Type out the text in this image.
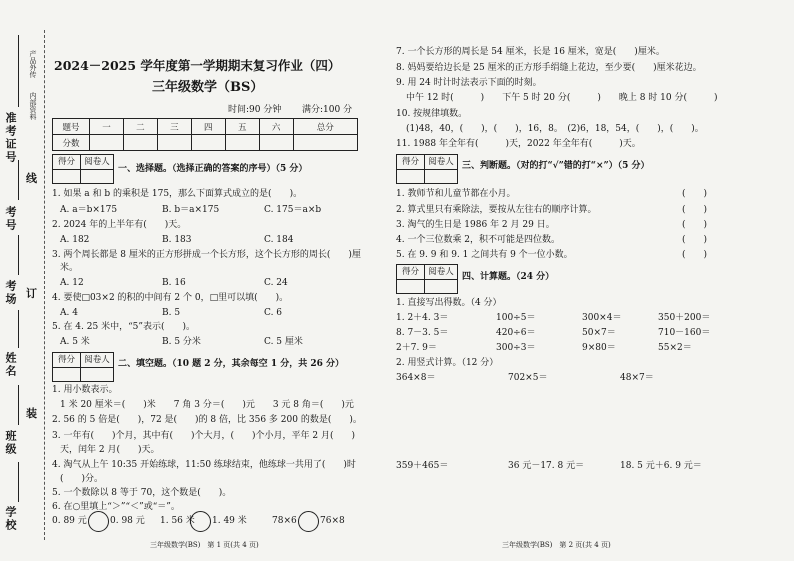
产品外传
内部资料
准考证号
线
考号
考场 订
姓名
装
班级
学校
2024－2025 学年度第一学期期末复习作业（四）
三年级数学（BS）
时间:90 分钟 满分:100 分
题号	一	二	三	四	五	六	总分
分数							
得分	阅卷人
一、选择题。（选择正确的答案的序号）（5 分）
1. 如果 a 和 b 的乘积是 175，那么下面算式成立的是(　　)。
A. a＝b×175	B. b＝a×175	C. 175＝a×b
2. 2024 年的上半年有(　　)天。
A. 182	B. 183	C. 184
3. 两个周长都是 8 厘米的正方形拼成一个长方形，这个长方形的周长(　　)厘
米。
A. 12	B. 16	C. 24
4. 要使□03×2 的积的中间有 2 个 0，□里可以填(　　)。
A. 4	B. 5	C. 6
5. 在 4. 25 米中，“5”表示(　　)。
A. 5 米	B. 5 分米	C. 5 厘米
得分	阅卷人 二、填空题。（10 题 2 分，其余每空 1 分，共 26 分）
1. 用小数表示。
1 米 20 厘米＝(　　)米　　7 角 3 分＝(　　)元　　3 元 8 角＝(　　)元
2. 56 的 5 倍是(　　)，72 是(　　)的 8 倍，比 356 多 200 的数是(　　)。
3. 一年有(　　)个月，其中有(　　)个大月，(　　)个小月，平年 2 月(　　)
天，闰年 2 月(　　)天。
4. 淘气从上午 10:35 开始练球，11:50 练球结束，他练球一共用了(　　)时
(　　)分。
5. 一个数除以 8 等于 70，这个数是(　　)。
6. 在○里填上“＞”“＜”或“＝”。
0. 89 元	0. 98 元 1. 56 米 1. 49 米	78×6	76×8
三年级数学(BS)　第 1 页(共 4 页)
7. 一个长方形的周长是 54 厘米，长是 16 厘米，宽是(　　)厘米。
8. 妈妈要给边长是 25 厘米的正方形手绢缝上花边，至少要(　　)厘米花边。
9. 用 24 时计时法表示下面的时刻。
中午 12 时(　　　)　　下午 5 时 20 分(　　　)　　晚上 8 时 10 分(　　　)
10. 按规律填数。
(1)48，40，(　　)，(　　)，16，8。　(2)6，18，54，(　　)，(　　)。
11. 1988 年全年有(　　　)天，2022 年全年有(　　　)天。
得分	阅卷人 三、判断题。（对的打“√”错的打“×”）（5 分）
1. 教师节和儿童节都在小月。	(　　)
2. 算式里只有乘除法，要按从左往右的顺序计算。	(　　)
3. 淘气的生日是 1986 年 2 月 29 日。	(　　)
4. 一个三位数乘 2，积不可能是四位数。	(　　)
5. 在 9. 9 和 9. 1 之间共有 9 个一位小数。	(　　)
得分	阅卷人 四、计算题。（24 分）
1. 直接写出得数。（4 分）
1. 2＋4. 3＝	100÷5＝	300×4＝	350＋200＝
8. 7－3. 5＝	420÷6＝	50×7＝	710－160＝
2＋7. 9＝	300÷3＝	9×80＝	55×2＝
2. 用竖式计算。（12 分）
364×8＝	702×5＝	48×7＝
359＋465＝	36 元－17. 8 元＝	18. 5 元＋6. 9 元＝
三年级数学(BS)　第 2 页(共 4 页)
